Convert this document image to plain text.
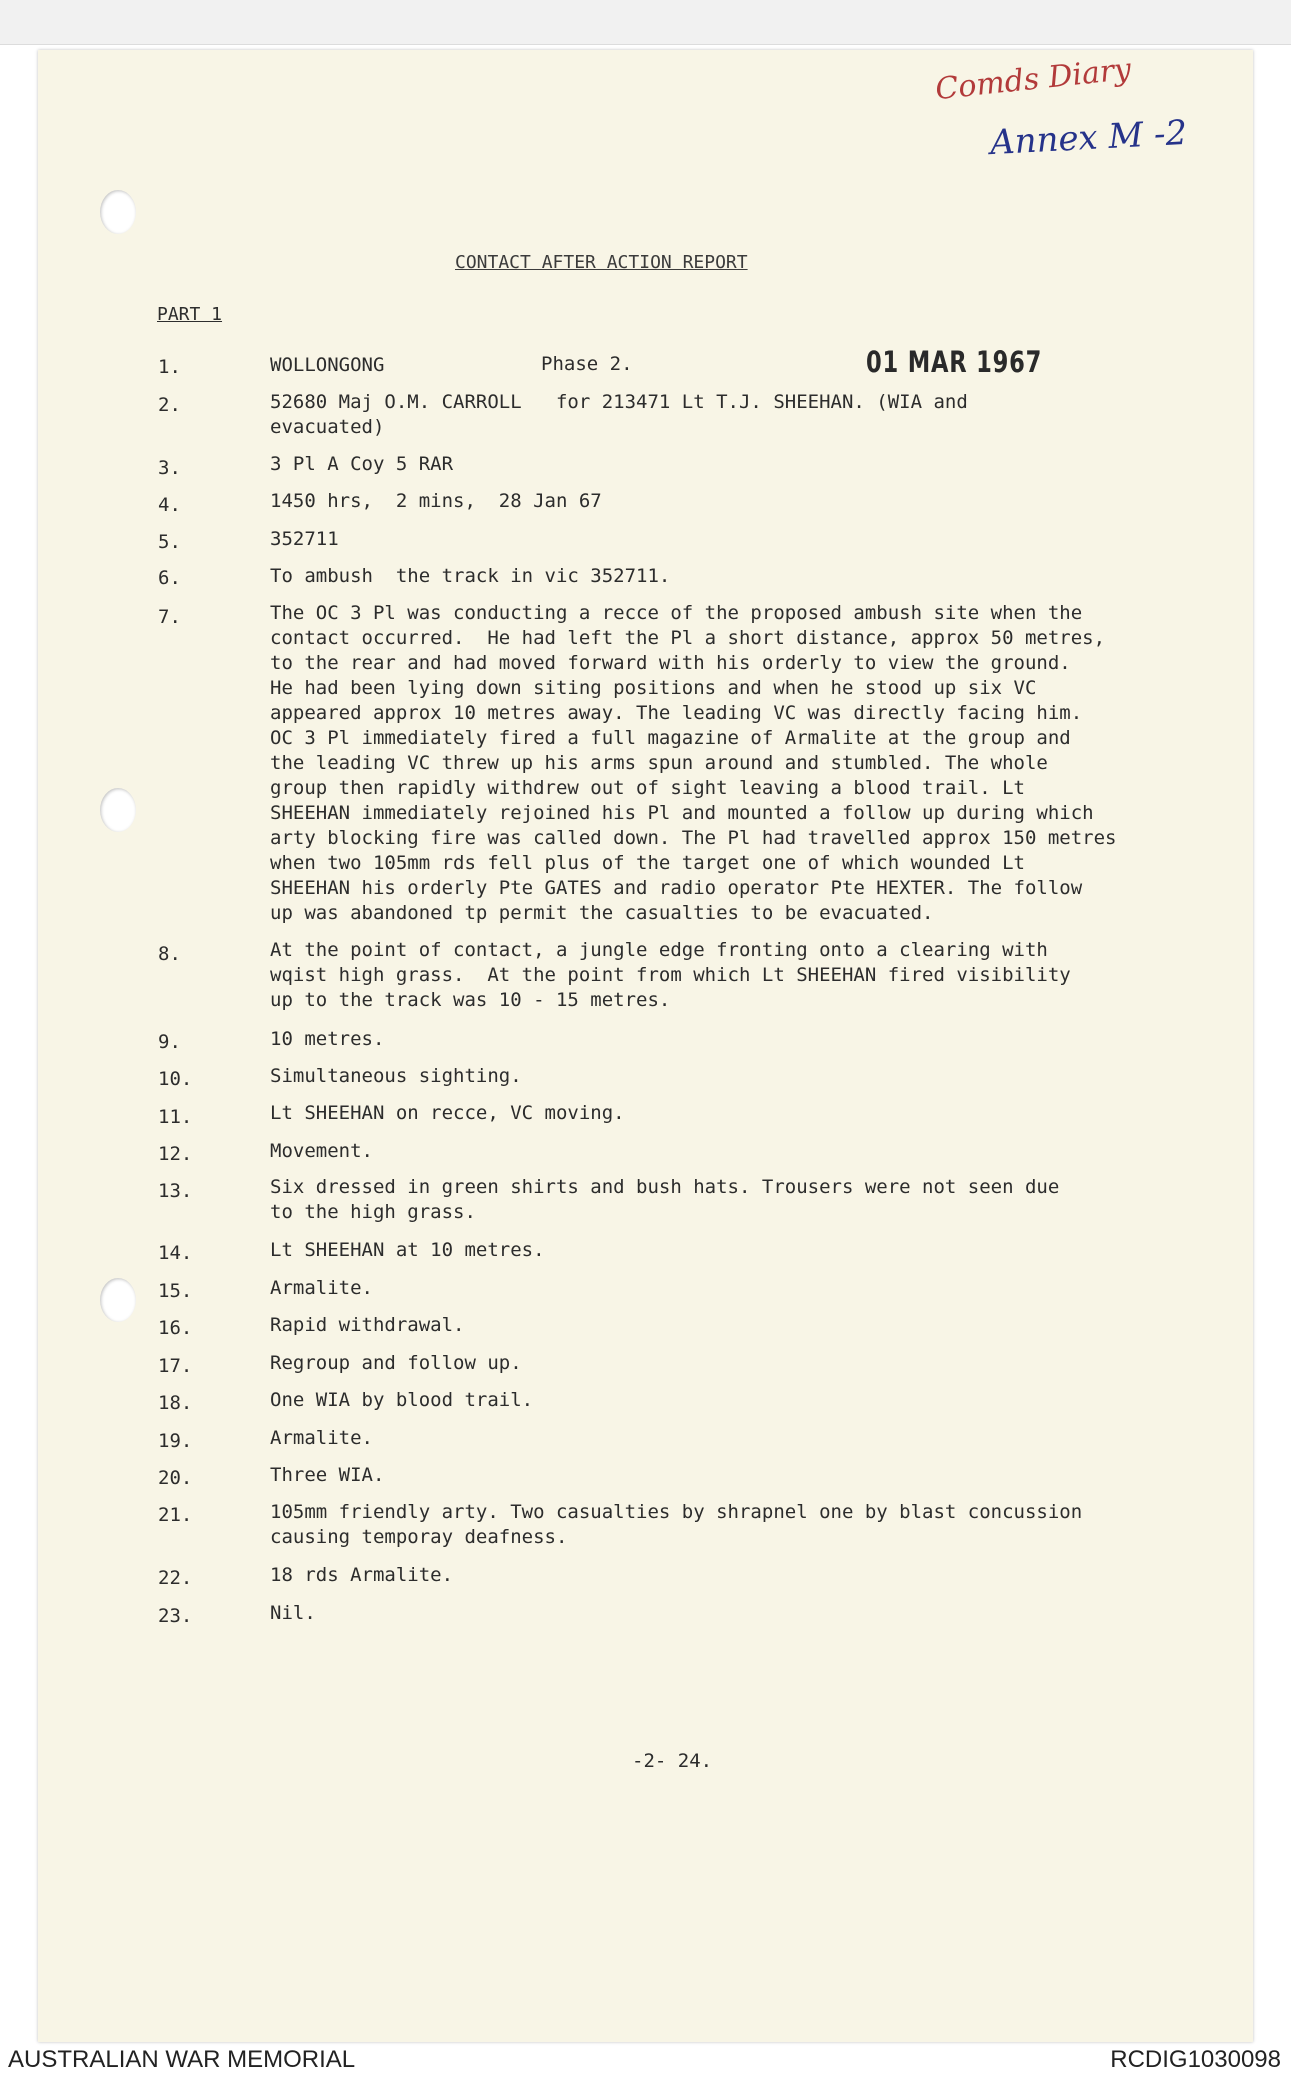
Comds Diary
Annex M -2
CONTACT AFTER ACTION REPORT
PART 1
01 MAR 1967
1.	WOLLONGONG	Phase 2.
2.	52680 Maj O.M. CARROLL   for 213471 Lt T.J. SHEEHAN. (WIA and
evacuated)
3.	3 Pl A Coy 5 RAR
4.	1450 hrs,  2 mins,  28 Jan 67
5.	352711
6.	To ambush  the track in vic 352711.
7.	The OC 3 Pl was conducting a recce of the proposed ambush site when the
contact occurred.  He had left the Pl a short distance, approx 50 metres,
to the rear and had moved forward with his orderly to view the ground.
He had been lying down siting positions and when he stood up six VC
appeared approx 10 metres away. The leading VC was directly facing him.
OC 3 Pl immediately fired a full magazine of Armalite at the group and
the leading VC threw up his arms spun around and stumbled. The whole
group then rapidly withdrew out of sight leaving a blood trail. Lt
SHEEHAN immediately rejoined his Pl and mounted a follow up during which
arty blocking fire was called down. The Pl had travelled approx 150 metres
when two 105mm rds fell plus of the target one of which wounded Lt
SHEEHAN his orderly Pte GATES and radio operator Pte HEXTER. The follow
up was abandoned tp permit the casualties to be evacuated.
8.	At the point of contact, a jungle edge fronting onto a clearing with
wqist high grass.  At the point from which Lt SHEEHAN fired visibility
up to the track was 10 - 15 metres.
9.	10 metres.
10.	Simultaneous sighting.
11.	Lt SHEEHAN on recce, VC moving.
12.	Movement.
13.	Six dressed in green shirts and bush hats. Trousers were not seen due
to the high grass.
14.	Lt SHEEHAN at 10 metres.
15.	Armalite.
16.	Rapid withdrawal.
17.	Regroup and follow up.
18.	One WIA by blood trail.
19.	Armalite.
20.	Three WIA.
21.	105mm friendly arty. Two casualties by shrapnel one by blast concussion
causing temporay deafness.
22.	18 rds Armalite.
23.	Nil.
-2- 24.
AUSTRALIAN WAR MEMORIAL	RCDIG1030098
